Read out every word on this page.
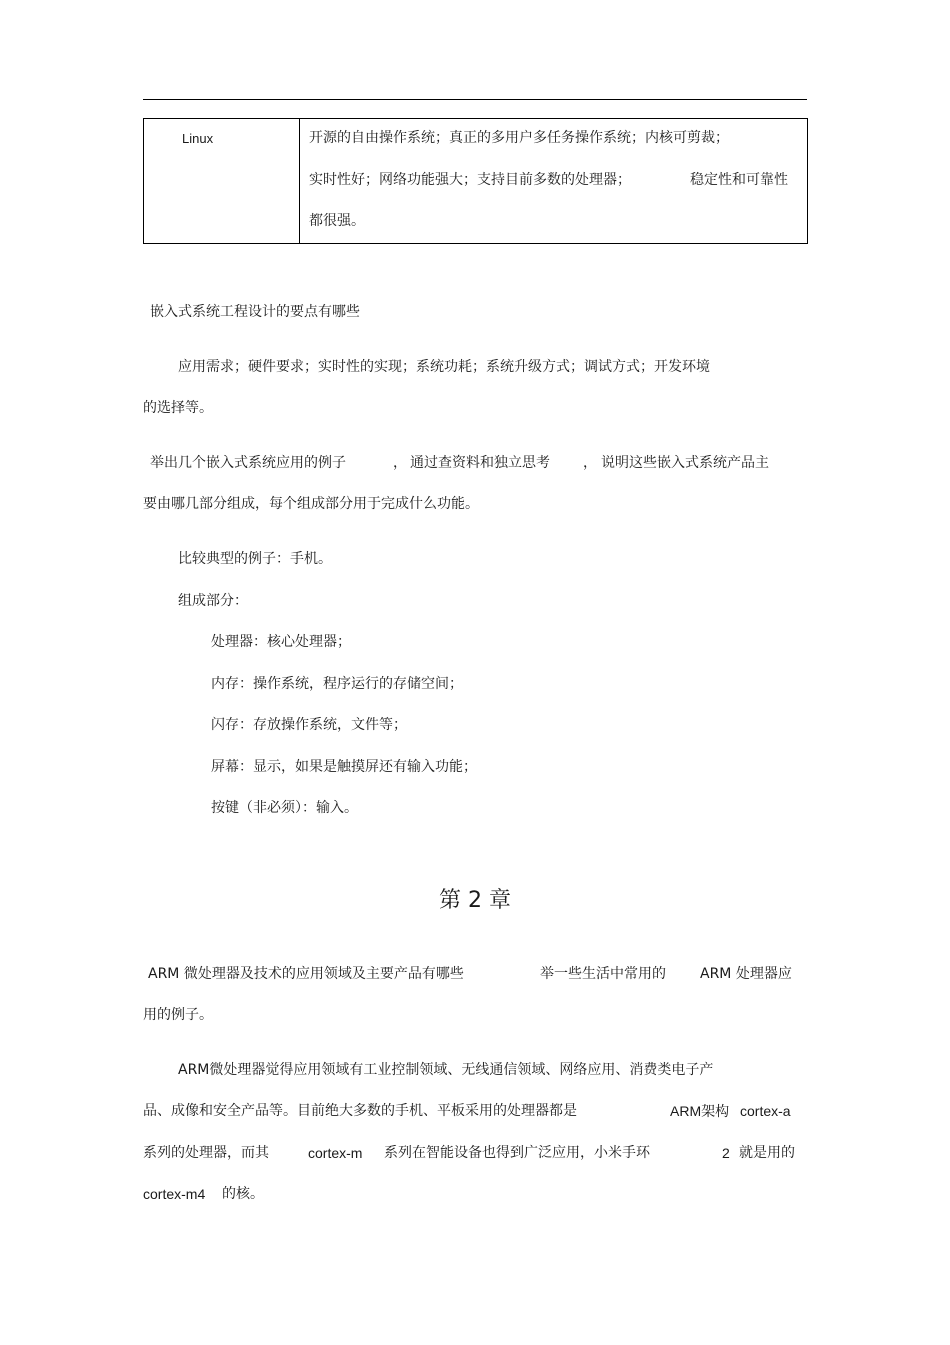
Linux	开源的自由操作系统；真正的多用户多任务操作系统；内核可剪裁；
实时性好；网络功能强大；支持目前多数的处理器；	稳定性和可靠性
都很强。
嵌入式系统工程设计的要点有哪些
应用需求；硬件要求；实时性的实现；系统功耗；系统升级方式；调试方式；开发环境
的选择等。
举出几个嵌入式系统应用的例子	， 通过查资料和独立思考 ， 说明这些嵌入式系统产品主
要由哪几部分组成，每个组成部分用于完成什么功能。
比较典型的例子：手机。
组成部分：
处理器：核心处理器；
内存：操作系统，程序运行的存储空间；
闪存：存放操作系统，文件等；
屏幕：显示，如果是触摸屏还有输入功能；
按键（非必须）：输入。
第 2 章
ARM 微处理器及技术的应用领域及主要产品有哪些	举一些生活中常用的 ARM 处理器应
用的例子。
ARM微处理器觉得应用领域有工业控制领域、无线通信领域、网络应用、消费类电子产
品、成像和安全产品等。目前绝大多数的手机、平板采用的处理器都是	ARM架构 cortex-a
系列的处理器，而其	cortex-m 系列在智能设备也得到广泛应用，小米手环	2 就是用的
cortex-m4 的核。
